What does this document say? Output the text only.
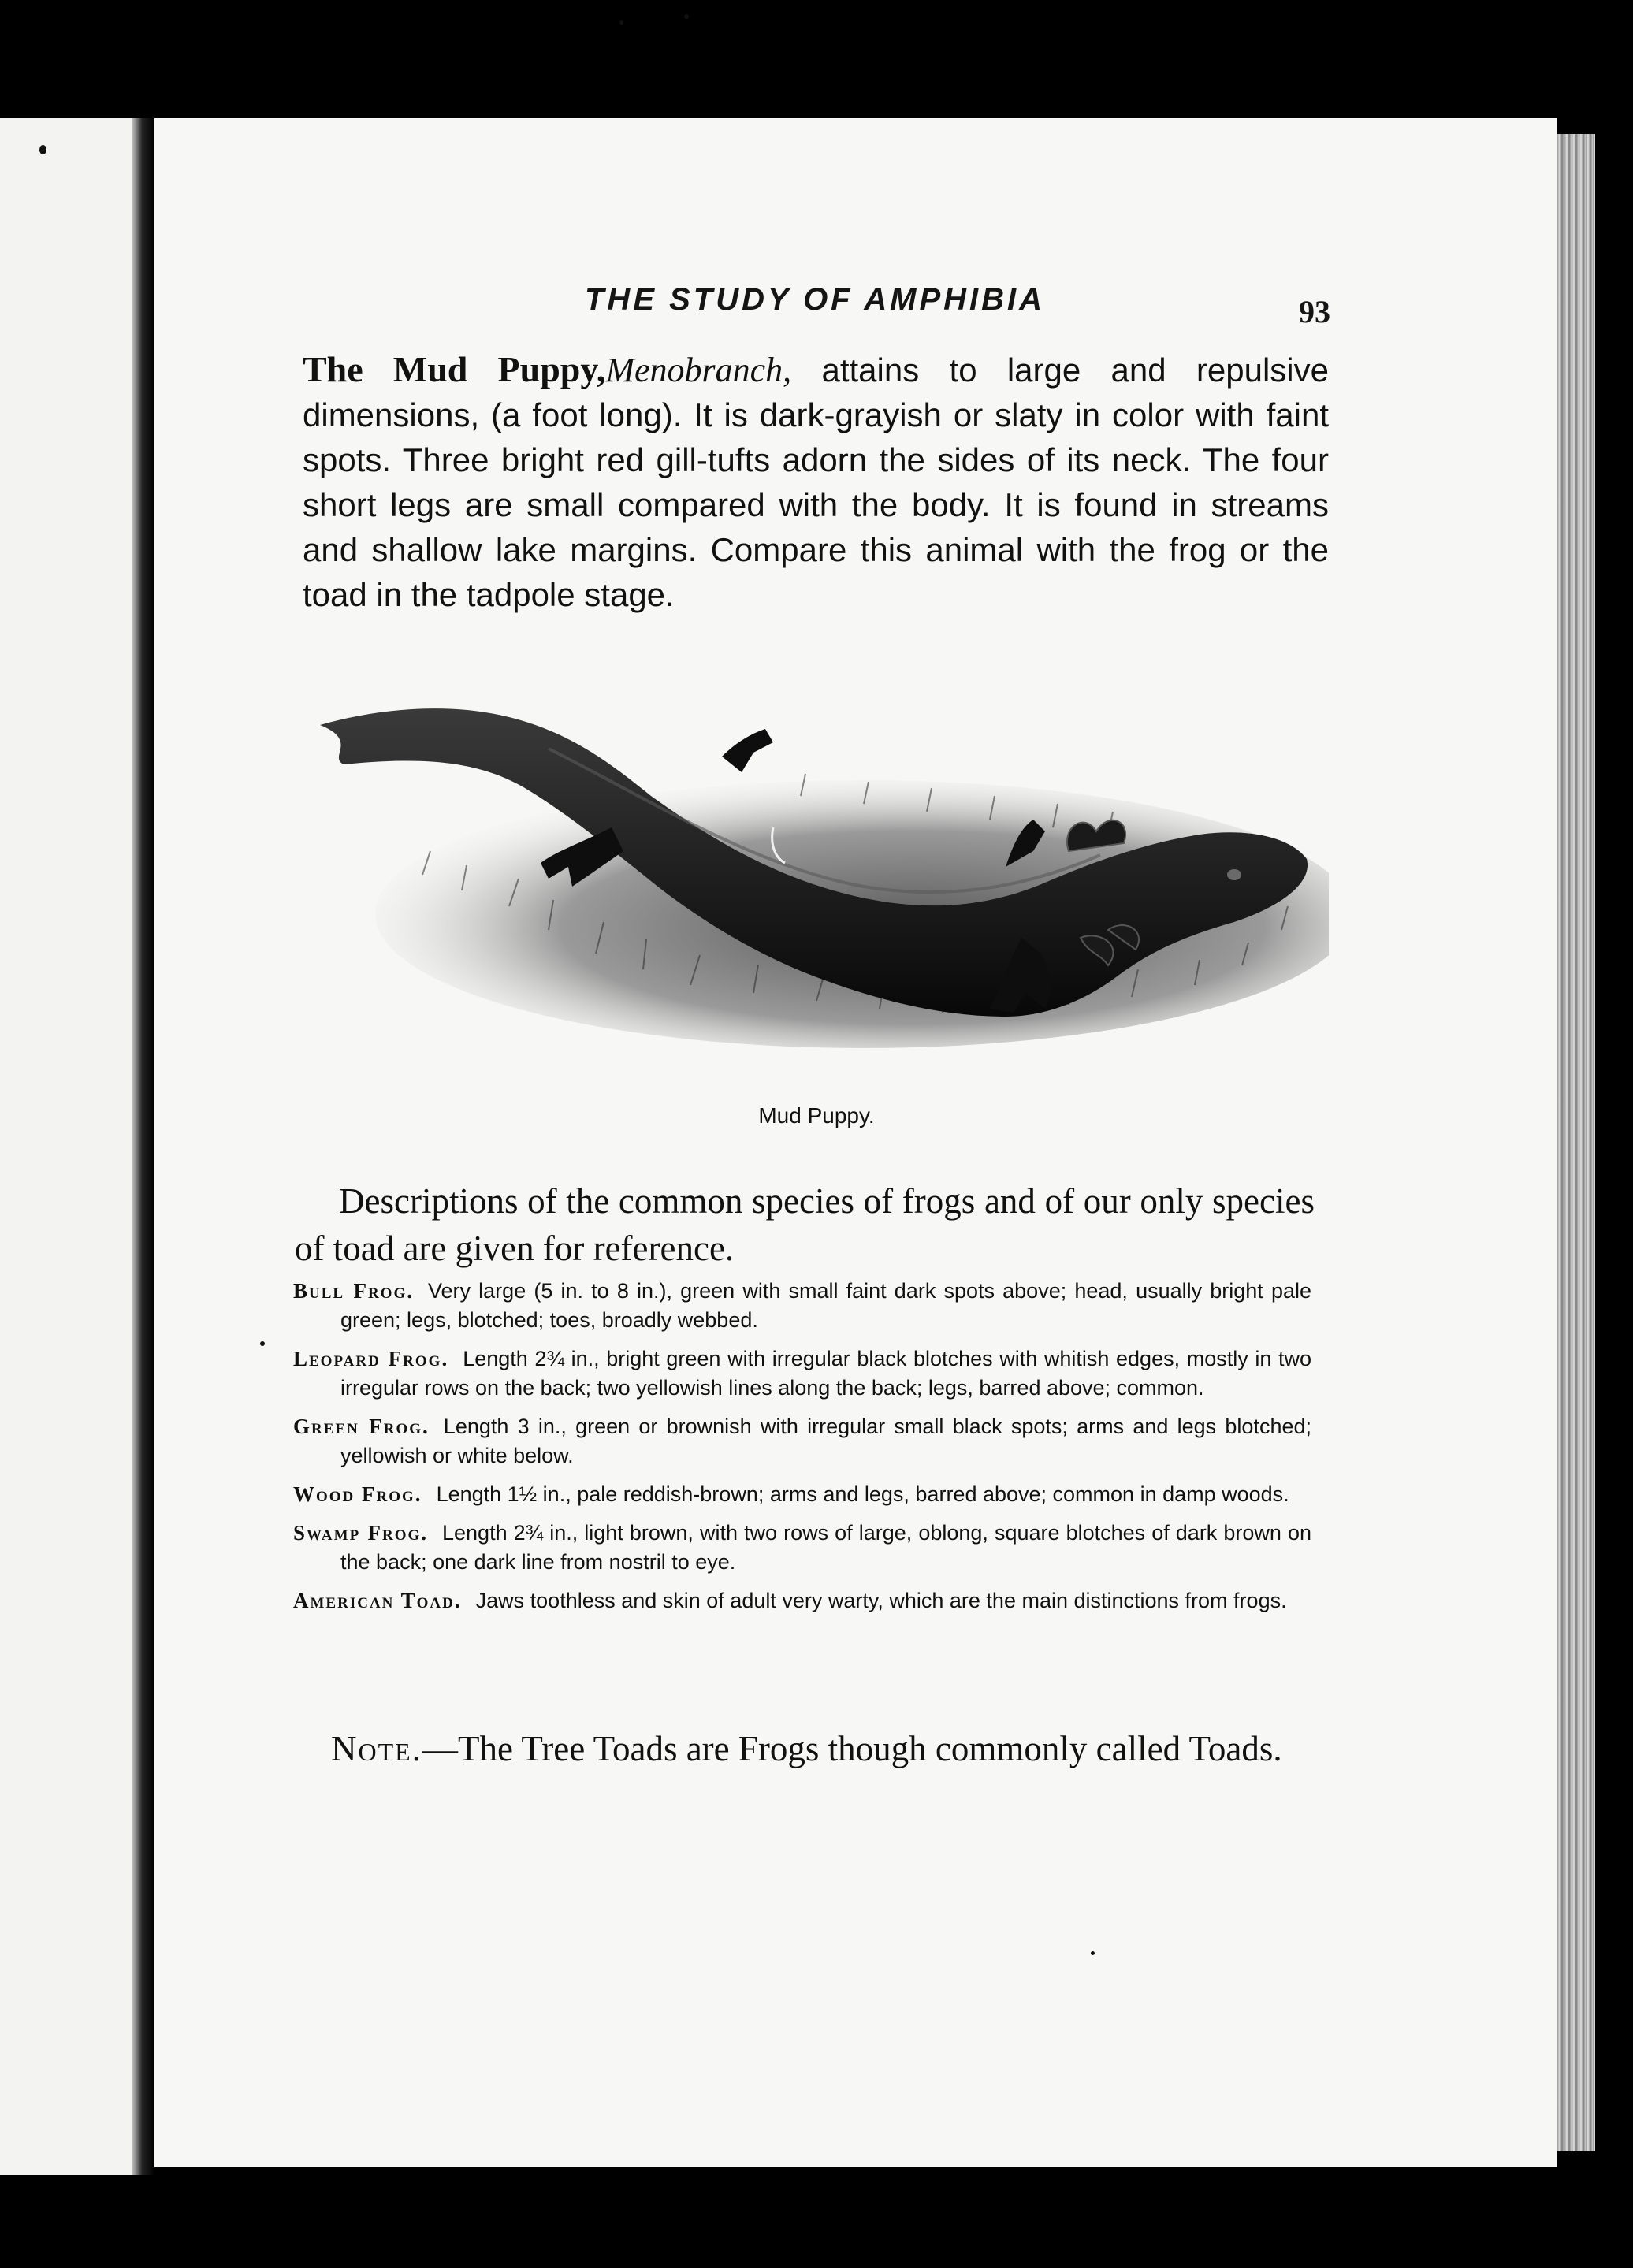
THE STUDY OF AMPHIBIA	93
The Mud Puppy,Menobranch, attains to large and repulsive dimensions, (a foot long). It is dark-grayish or slaty in color with faint spots. Three bright red gill-tufts adorn the sides of its neck. The four short legs are small compared with the body. It is found in streams and shallow lake margins. Compare this animal with the frog or the toad in the tadpole stage.
Mud Puppy.
Descriptions of the common species of frogs and of our only species of toad are given for reference.
Bull Frog. Very large (5 in. to 8 in.), green with small faint dark spots above; head, usually bright pale green; legs, blotched; toes, broadly webbed.
Leopard Frog. Length 2¾ in., bright green with irregular black blotches with whitish edges, mostly in two irregular rows on the back; two yellowish lines along the back; legs, barred above; common.
Green Frog. Length 3 in., green or brownish with irregular small black spots; arms and legs blotched; yellowish or white below.
Wood Frog. Length 1½ in., pale reddish-brown; arms and legs, barred above; common in damp woods.
Swamp Frog. Length 2¾ in., light brown, with two rows of large, oblong, square blotches of dark brown on the back; one dark line from nostril to eye.
American Toad. Jaws toothless and skin of adult very warty, which are the main distinctions from frogs.
Note.—The Tree Toads are Frogs though commonly called Toads.
